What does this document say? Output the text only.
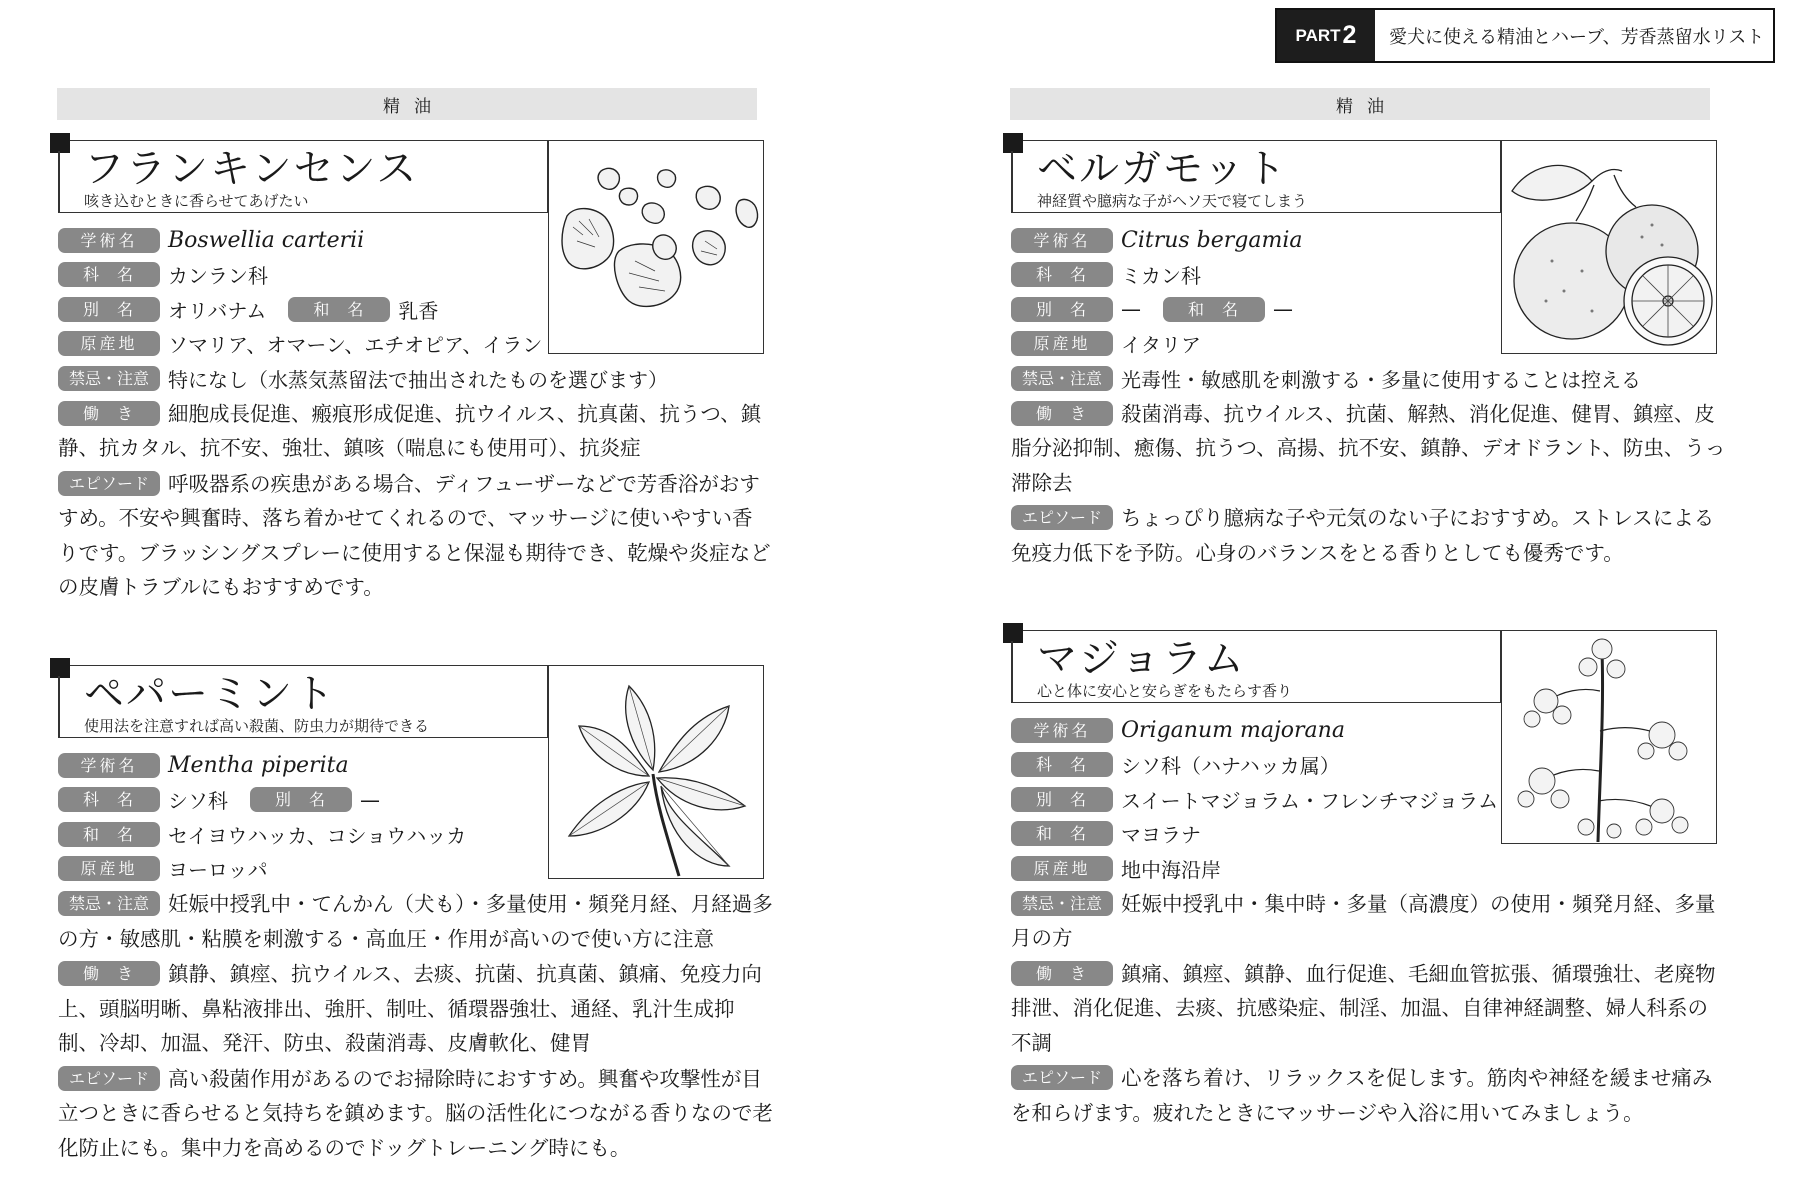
PART 2	愛犬に使える精油とハーブ、芳香蒸留水リスト
精油	精油
フランキンセンス
咳き込むときに香らせてあげたい
学術名	Boswellia carterii
科名 カンラン科
別名 オリバナム	和名 乳香
原産地	ソマリア、オマーン、エチオピア、イラン
禁忌・注意 特になし（水蒸気蒸留法で抽出されたものを選びます）
働き 細胞成長促進、瘢痕形成促進、抗ウイルス、抗真菌、抗うつ、鎮静、抗カタル、抗不安、強壮、鎮咳（喘息にも使用可）、抗炎症
エピソード 呼吸器系の疾患がある場合、ディフューザーなどで芳香浴がおすすめ。不安や興奮時、落ち着かせてくれるので、マッサージに使いやすい香りです。ブラッシングスプレーに使用すると保湿も期待でき、乾燥や炎症などの皮膚トラブルにもおすすめです。
ペパーミント
使用法を注意すれば高い殺菌、防虫力が期待できる
学術名	Mentha piperita
科名 シソ科	別名 —
和名 セイヨウハッカ、コショウハッカ
原産地	ヨーロッパ
禁忌・注意 妊娠中授乳中・てんかん（犬も）・多量使用・頻発月経、月経過多の方・敏感肌・粘膜を刺激する・高血圧・作用が高いので使い方に注意
働き 鎮静、鎮痙、抗ウイルス、去痰、抗菌、抗真菌、鎮痛、免疫力向上、頭脳明晰、鼻粘液排出、強肝、制吐、循環器強壮、通経、乳汁生成抑制、冷却、加温、発汗、防虫、殺菌消毒、皮膚軟化、健胃
エピソード 高い殺菌作用があるのでお掃除時におすすめ。興奮や攻撃性が目立つときに香らせると気持ちを鎮めます。脳の活性化につながる香りなので老化防止にも。集中力を高めるのでドッグトレーニング時にも。
ベルガモット
神経質や臆病な子がヘソ天で寝てしまう
学術名	Citrus bergamia
科名 ミカン科
別名 —	和名 —
原産地	イタリア
禁忌・注意 光毒性・敏感肌を刺激する・多量に使用することは控える
働き 殺菌消毒、抗ウイルス、抗菌、解熱、消化促進、健胃、鎮痙、皮脂分泌抑制、癒傷、抗うつ、高揚、抗不安、鎮静、デオドラント、防虫、うっ滞除去
エピソード ちょっぴり臆病な子や元気のない子におすすめ。ストレスによる免疫力低下を予防。心身のバランスをとる香りとしても優秀です。
マジョラム
心と体に安心と安らぎをもたらす香り
学術名	Origanum majorana
科名 シソ科（ハナハッカ属）
別名 スイートマジョラム・フレンチマジョラム
和名 マヨラナ
原産地	地中海沿岸
禁忌・注意 妊娠中授乳中・集中時・多量（高濃度）の使用・頻発月経、多量月の方
働き 鎮痛、鎮痙、鎮静、血行促進、毛細血管拡張、循環強壮、老廃物排泄、消化促進、去痰、抗感染症、制淫、加温、自律神経調整、婦人科系の不調
エピソード 心を落ち着け、リラックスを促します。筋肉や神経を緩ませ痛みを和らげます。疲れたときにマッサージや入浴に用いてみましょう。
